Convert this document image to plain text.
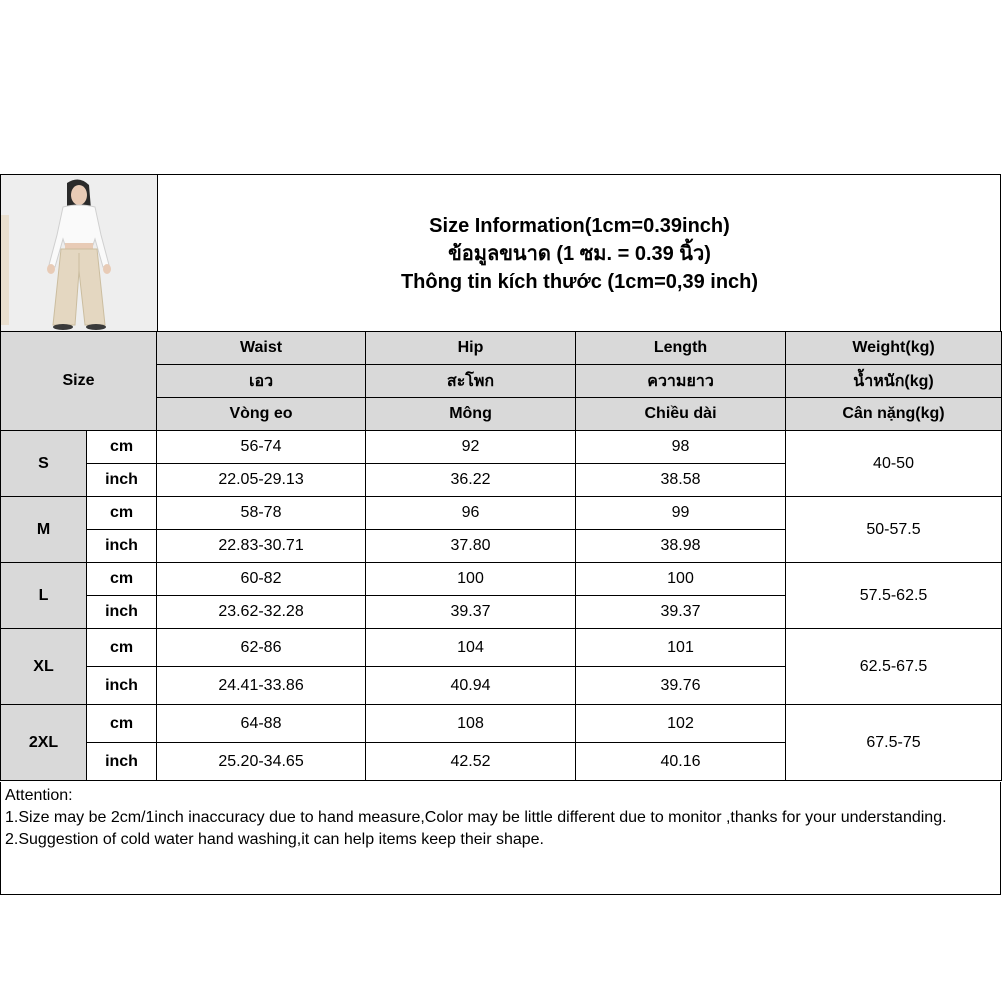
Size Information(1cm=0.39inch)
ข้อมูลขนาด (1 ซม. = 0.39 นิ้ว)
Thông tin kích thước (1cm=0,39 inch)
Size		Waist	Hip	Length	Weight(kg)
		เอว	สะโพก	ความยาว	น้ำหนัก(kg)
		Vòng eo	Mông	Chiều dài	Cân nặng(kg)
S	cm	56-74	92	98	40-50
	inch	22.05-29.13	36.22	38.58	
M	cm	58-78	96	99	50-57.5
	inch	22.83-30.71	37.80	38.98	
L	cm	60-82	100	100	57.5-62.5
	inch	23.62-32.28	39.37	39.37	
XL	cm	62-86	104	101	62.5-67.5
	inch	24.41-33.86	40.94	39.76	
2XL	cm	64-88	108	102	67.5-75
	inch	25.20-34.65	42.52	40.16	
Attention:
1.Size may be 2cm/1inch inaccuracy due to hand measure,Color may be little different due to monitor ,thanks for your understanding.
2.Suggestion of cold water hand washing,it can help items keep their shape.
